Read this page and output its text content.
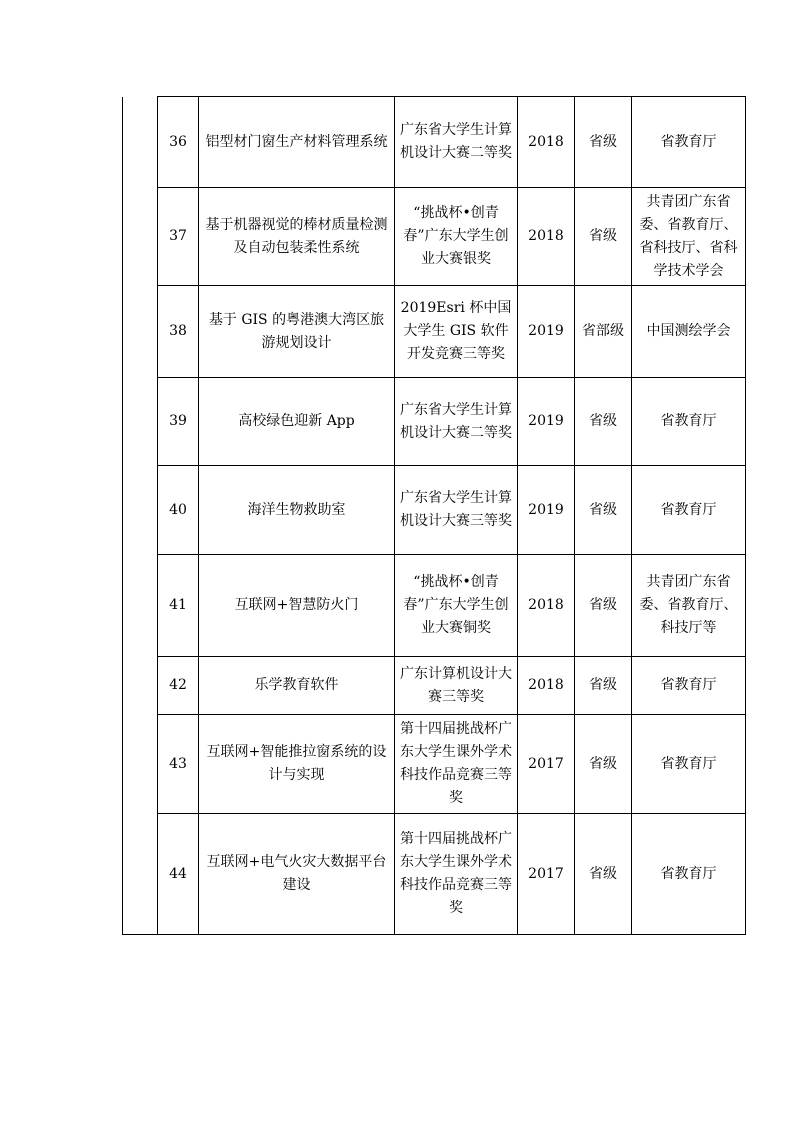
	36	铝型材门窗生产材料管理系统	广东省大学生计算机设计大赛二等奖	2018	省级	省教育厅
	37	基于机器视觉的棒材质量检测及自动包装柔性系统	“挑战杯•创青春”广东大学生创业大赛银奖	2018	省级	共青团广东省委、省教育厅、省科技厅、省科学技术学会
	38	基于 GIS 的粤港澳大湾区旅游规划设计	2019Esri 杯中国大学生 GIS 软件开发竞赛三等奖	2019	省部级	中国测绘学会
	39	高校绿色迎新 App	广东省大学生计算机设计大赛二等奖	2019	省级	省教育厅
	40	海洋生物救助室	广东省大学生计算机设计大赛三等奖	2019	省级	省教育厅
	41	互联网+智慧防火门	“挑战杯•创青春”广东大学生创业大赛铜奖	2018	省级	共青团广东省委、省教育厅、科技厅等
	42	乐学教育软件	广东计算机设计大赛三等奖	2018	省级	省教育厅
	43	互联网+智能推拉窗系统的设计与实现	第十四届挑战杯广东大学生课外学术科技作品竞赛三等奖	2017	省级	省教育厅
	44	互联网+电气火灾大数据平台建设	第十四届挑战杯广东大学生课外学术科技作品竞赛三等奖	2017	省级	省教育厅
